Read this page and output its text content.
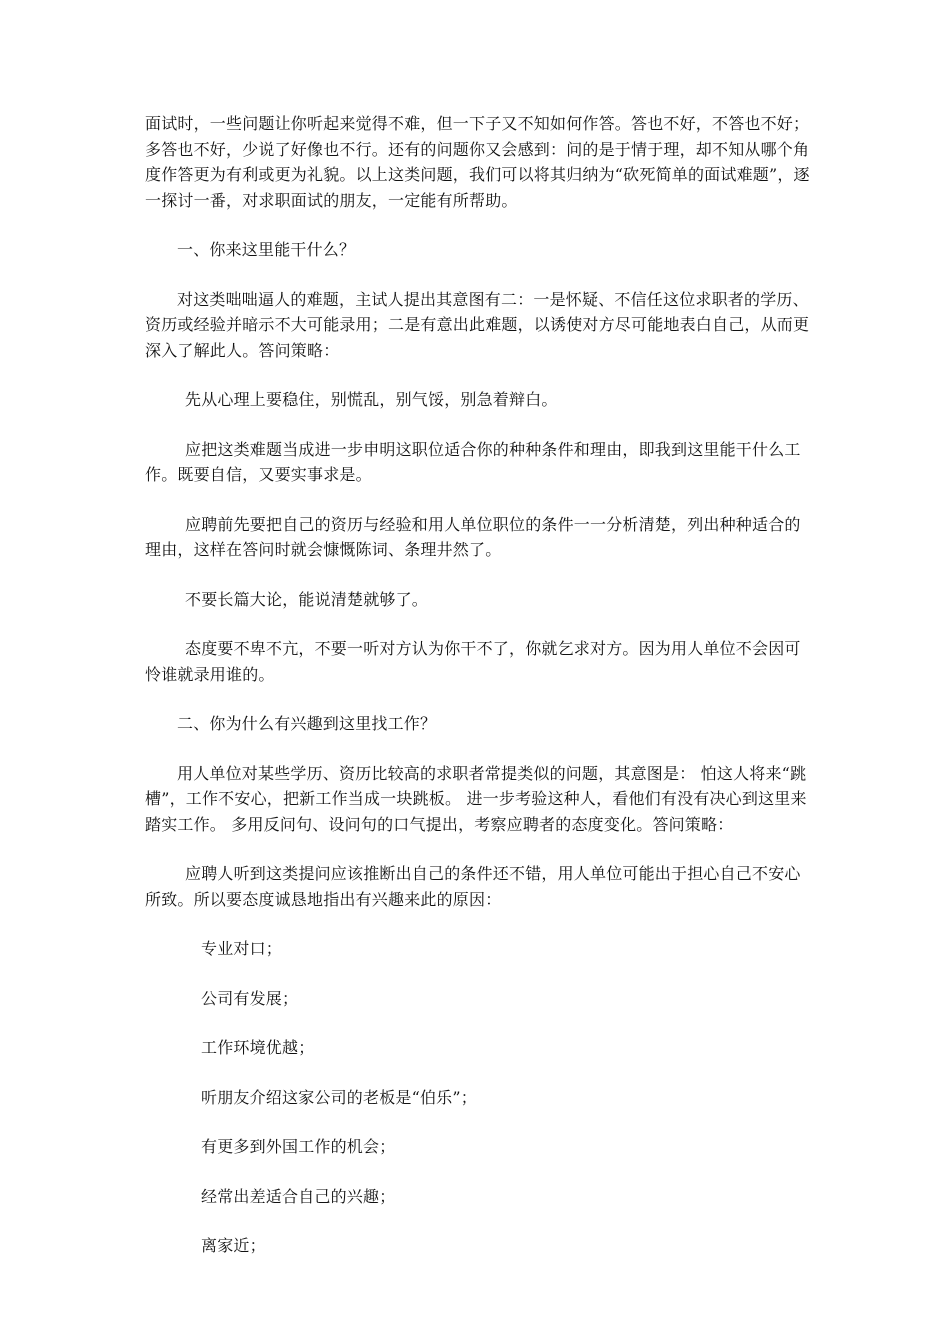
面试时，一些问题让你听起来觉得不难，但一下子又不知如何作答。答也不好，不答也不好；多答也不好，少说了好像也不行。还有的问题你又会感到：问的是于情于理，却不知从哪个角度作答更为有利或更为礼貌。以上这类问题，我们可以将其归纳为“砍死简单的面试难题”，逐一探讨一番，对求职面试的朋友，一定能有所帮助。

一、你来这里能干什么？

对这类咄咄逼人的难题，主试人提出其意图有二：一是怀疑、不信任这位求职者的学历、资历或经验并暗示不大可能录用；二是有意出此难题，以诱使对方尽可能地表白自己，从而更深入了解此人。答问策略：

先从心理上要稳住，别慌乱，别气馁，别急着辩白。

应把这类难题当成进一步申明这职位适合你的种种条件和理由，即我到这里能干什么工作。既要自信，又要实事求是。

应聘前先要把自己的资历与经验和用人单位职位的条件一一分析清楚，列出种种适合的理由，这样在答问时就会慷慨陈词、条理井然了。

不要长篇大论，能说清楚就够了。

态度要不卑不亢，不要一听对方认为你干不了，你就乞求对方。因为用人单位不会因可怜谁就录用谁的。

二、你为什么有兴趣到这里找工作？

用人单位对某些学历、资历比较高的求职者常提类似的问题，其意图是： 怕这人将来“跳槽”，工作不安心，把新工作当成一块跳板。 进一步考验这种人，看他们有没有决心到这里来踏实工作。 多用反问句、设问句的口气提出，考察应聘者的态度变化。答问策略：

应聘人听到这类提问应该推断出自己的条件还不错，用人单位可能出于担心自己不安心所致。所以要态度诚恳地指出有兴趣来此的原因：

专业对口；
公司有发展；
工作环境优越；
听朋友介绍这家公司的老板是“伯乐”；
有更多到外国工作的机会；
经常出差适合自己的兴趣；
离家近；
